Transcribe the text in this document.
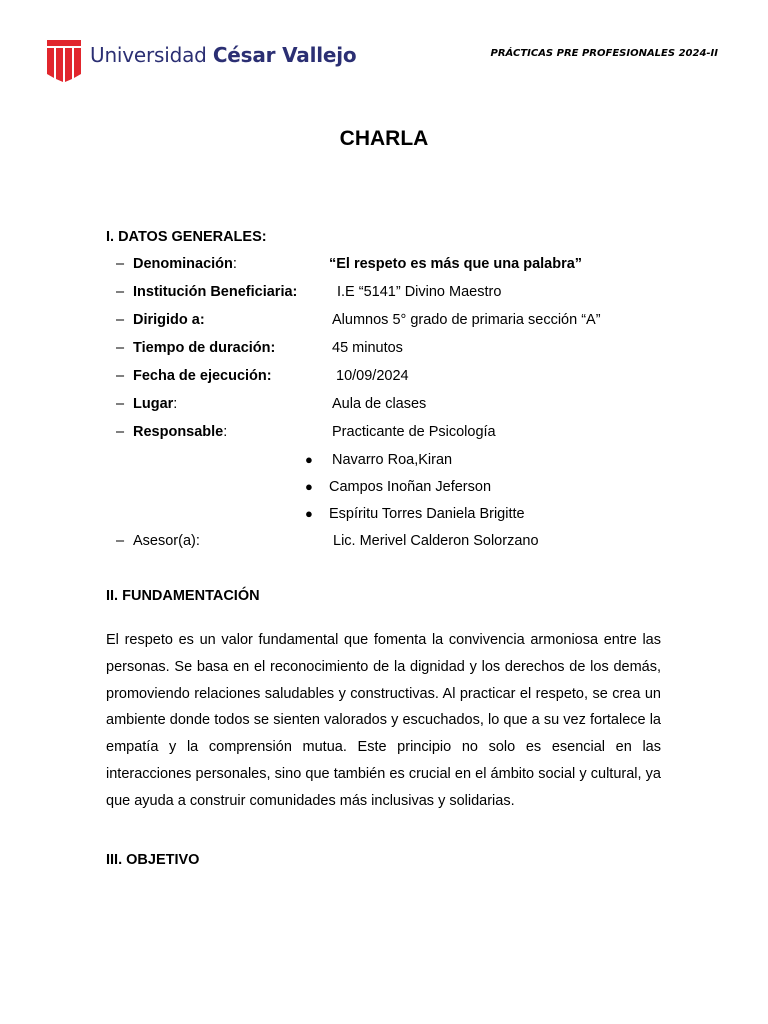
Universidad César Vallejo	PRÁCTICAS PRE PROFESIONALES 2024-II
CHARLA
I. DATOS GENERALES:
‒ Denominación:	“El respeto es más que una palabra”
‒ Institución Beneficiaria:	I.E “5141” Divino Maestro
‒ Dirigido a:	Alumnos 5° grado de primaria sección “A”
‒ Tiempo de duración:	45 minutos
‒ Fecha de ejecución:	10/09/2024
‒ Lugar:	Aula de clases
‒ Responsable:	Practicante de Psicología
● Navarro Roa,Kiran
● Campos Inoñan Jeferson
● Espíritu Torres Daniela Brigitte
‒ Asesor(a):	Lic. Merivel Calderon Solorzano
II. FUNDAMENTACIÓN

El respeto es un valor fundamental que fomenta la convivencia armoniosa entre las personas. Se basa en el reconocimiento de la dignidad y los derechos de los demás, promoviendo relaciones saludables y constructivas. Al practicar el respeto, se crea un ambiente donde todos se sienten valorados y escuchados, lo que a su vez fortalece la empatía y la comprensión mutua. Este principio no solo es esencial en las interacciones personales, sino que también es crucial en el ámbito social y cultural, ya que ayuda a construir comunidades más inclusivas y solidarias.

III. OBJETIVO
